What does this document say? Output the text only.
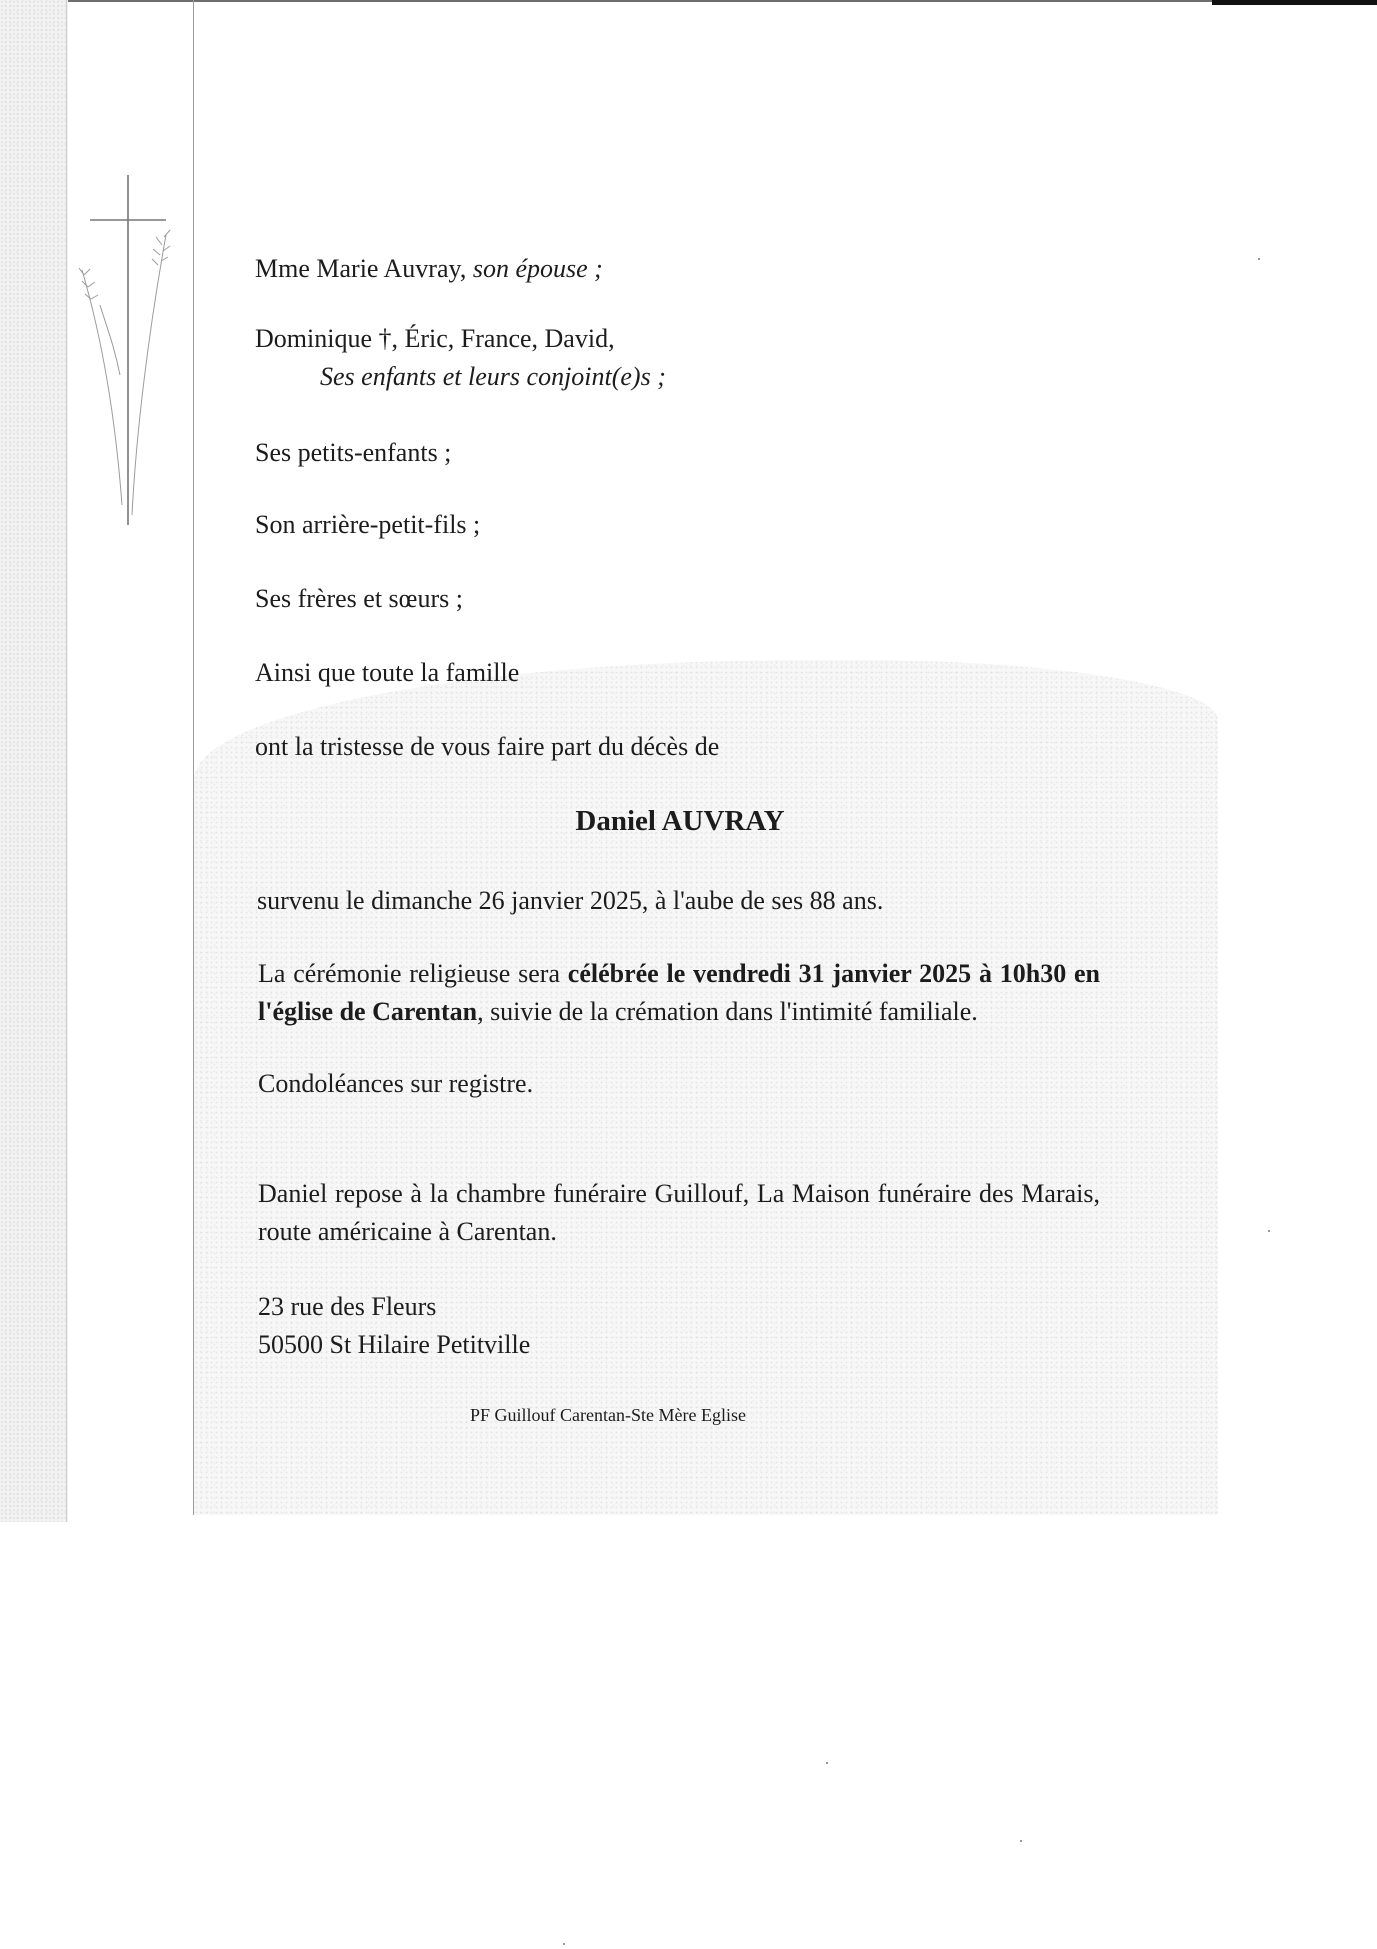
Mme Marie Auvray, son épouse ;
Dominique †, Éric, France, David,
Ses enfants et leurs conjoint(e)s ;
Ses petits-enfants ;
Son arrière-petit-fils ;
Ses frères et sœurs ;
Ainsi que toute la famille
ont la tristesse de vous faire part du décès de
Daniel AUVRAY
survenu le dimanche 26 janvier 2025, à l'aube de ses 88 ans.
La cérémonie religieuse sera célébrée le vendredi 31 janvier 2025 à 10h30 en l'église de Carentan, suivie de la crémation dans l'intimité familiale.
Condoléances sur registre.
Daniel repose à la chambre funéraire Guillouf, La Maison funéraire des Marais, route américaine à Carentan.
23 rue des Fleurs
50500 St Hilaire Petitville
PF Guillouf Carentan-Ste Mère Eglise
